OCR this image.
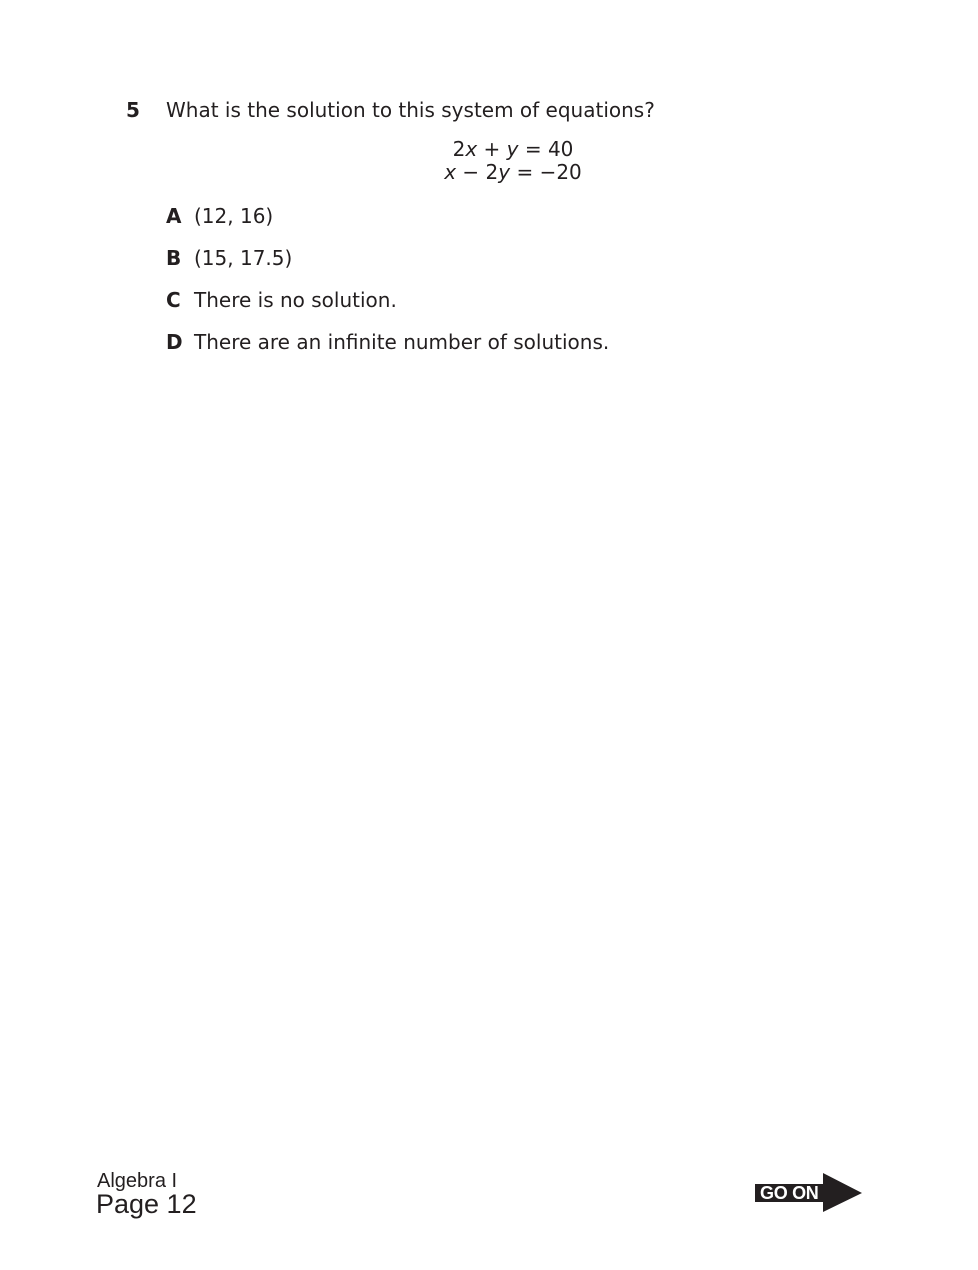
5 What is the solution to this system of equations?
2x + y = 40
x − 2y = −20
A (12, 16)
B (15, 17.5)
C There is no solution.
D There are an infinite number of solutions.
Algebra I
Page 12	GO ON
